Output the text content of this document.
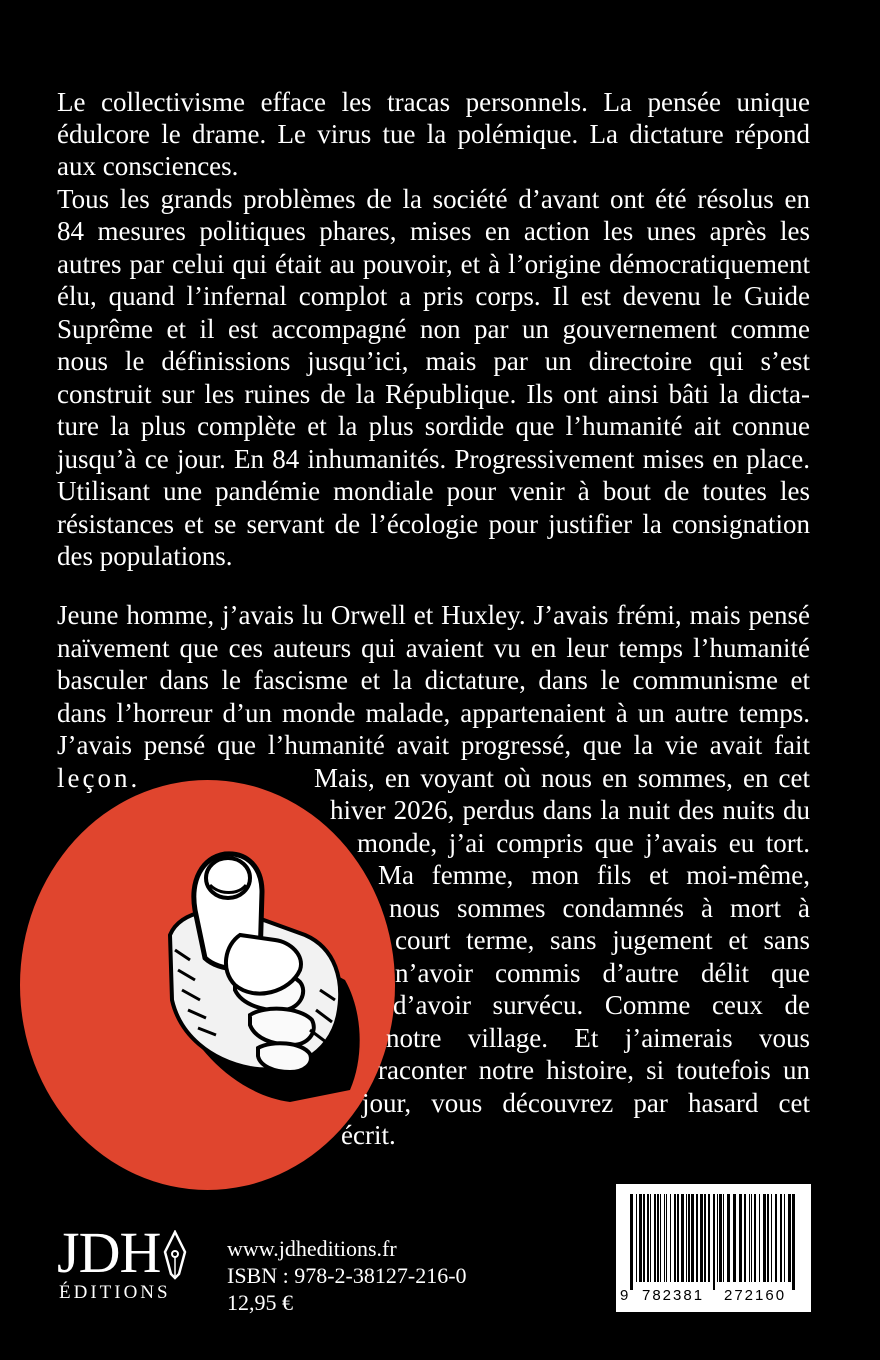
Le collectivisme efface les tracas personnels. La pensée unique
édulcore le drame. Le virus tue la polémique. La dictature répond
aux consciences.
Tous les grands problèmes de la société d’avant ont été résolus en
84 mesures politiques phares, mises en action les unes après les
autres par celui qui était au pouvoir, et à l’origine démocratiquement
élu, quand l’infernal complot a pris corps. Il est devenu le Guide
Suprême et il est accompagné non par un gouvernement comme
nous le définissions jusqu’ici, mais par un directoire qui s’est
construit sur les ruines de la République. Ils ont ainsi bâti la dicta-
ture la plus complète et la plus sordide que l’humanité ait connue
jusqu’à ce jour. En 84 inhumanités. Progressivement mises en place.
Utilisant une pandémie mondiale pour venir à bout de toutes les
résistances et se servant de l’écologie pour justifier la consignation
des populations.
Jeune homme, j’avais lu Orwell et Huxley. J’avais frémi, mais pensé
naïvement que ces auteurs qui avaient vu en leur temps l’humanité
basculer dans le fascisme et la dictature, dans le communisme et
dans l’horreur d’un monde malade, appartenaient à un autre temps.
J’avais pensé que l’humanité avait progressé, que la vie avait fait
leçon.	Mais, en voyant où nous en sommes, en cet
hiver 2026, perdus dans la nuit des nuits du
monde, j’ai compris que j’avais eu tort.
Ma femme, mon fils et moi-même,
nous sommes condamnés à mort à
court terme, sans jugement et sans
n’avoir commis d’autre délit que
d’avoir survécu. Comme ceux de
notre village. Et j’aimerais vous
raconter notre histoire, si toutefois un
jour, vous découvrez par hasard cet
écrit.
JDH
ÉDITIONS
www.jdheditions.fr
ISBN : 978-2-38127-216-0
12,95 €	9 782381 272160
